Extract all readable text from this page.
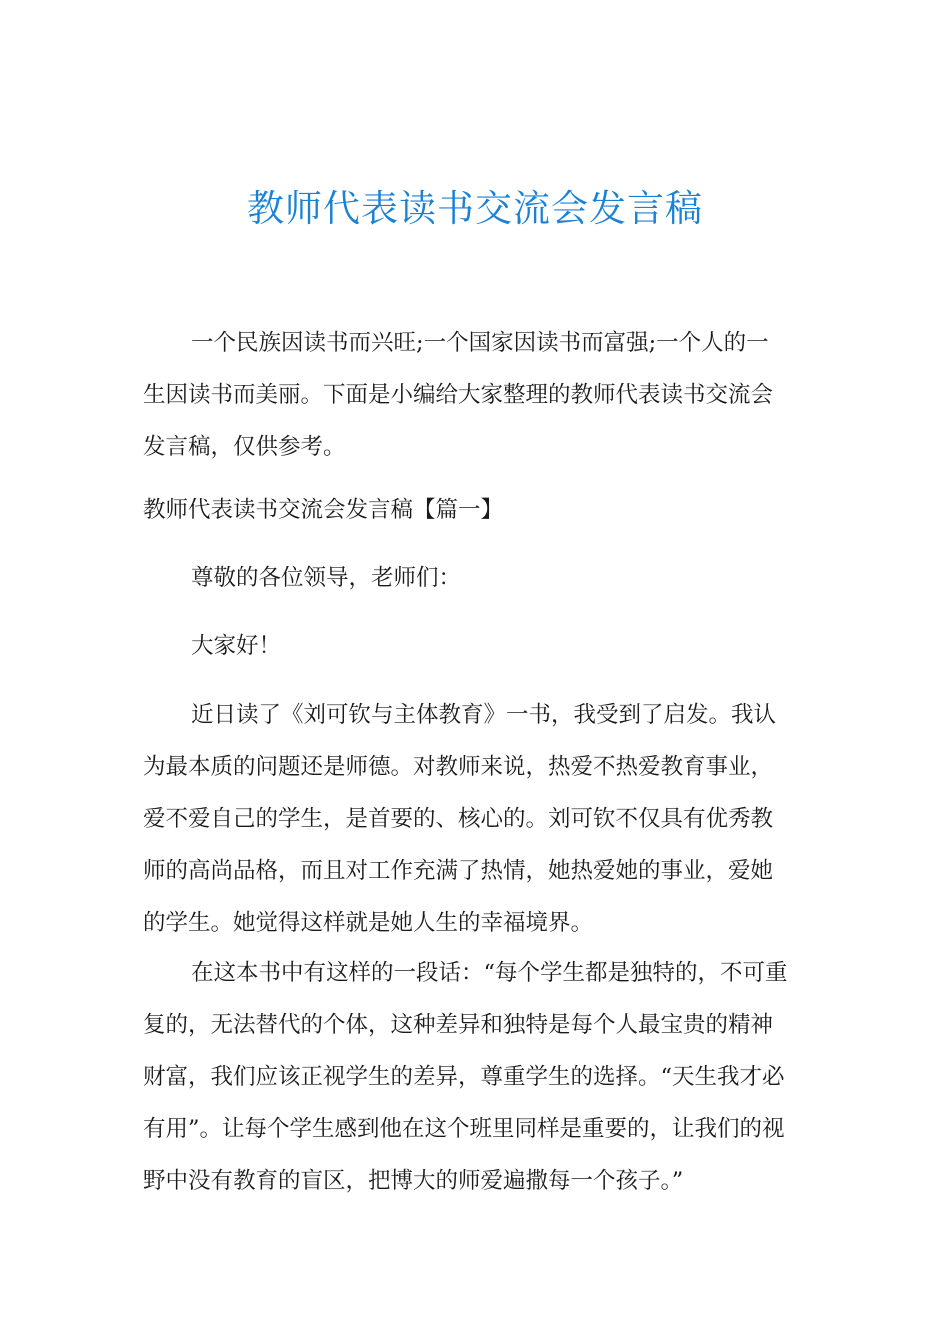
教师代表读书交流会发言稿

一个民族因读书而兴旺;一个国家因读书而富强;一个人的一

生因读书而美丽。下面是小编给大家整理的教师代表读书交流会

发言稿，仅供参考。

教师代表读书交流会发言稿【篇一】

尊敬的各位领导，老师们：

大家好！

近日读了《刘可钦与主体教育》一书，我受到了启发。我认

为最本质的问题还是师德。对教师来说，热爱不热爱教育事业，

爱不爱自己的学生，是首要的、核心的。刘可钦不仅具有优秀教

师的高尚品格，而且对工作充满了热情，她热爱她的事业，爱她

的学生。她觉得这样就是她人生的幸福境界。

在这本书中有这样的一段话：“每个学生都是独特的，不可重

复的，无法替代的个体，这种差异和独特是每个人最宝贵的精神

财富，我们应该正视学生的差异，尊重学生的选择。“天生我才必

有用”。让每个学生感到他在这个班里同样是重要的，让我们的视

野中没有教育的盲区，把博大的师爱遍撒每一个孩子。”
